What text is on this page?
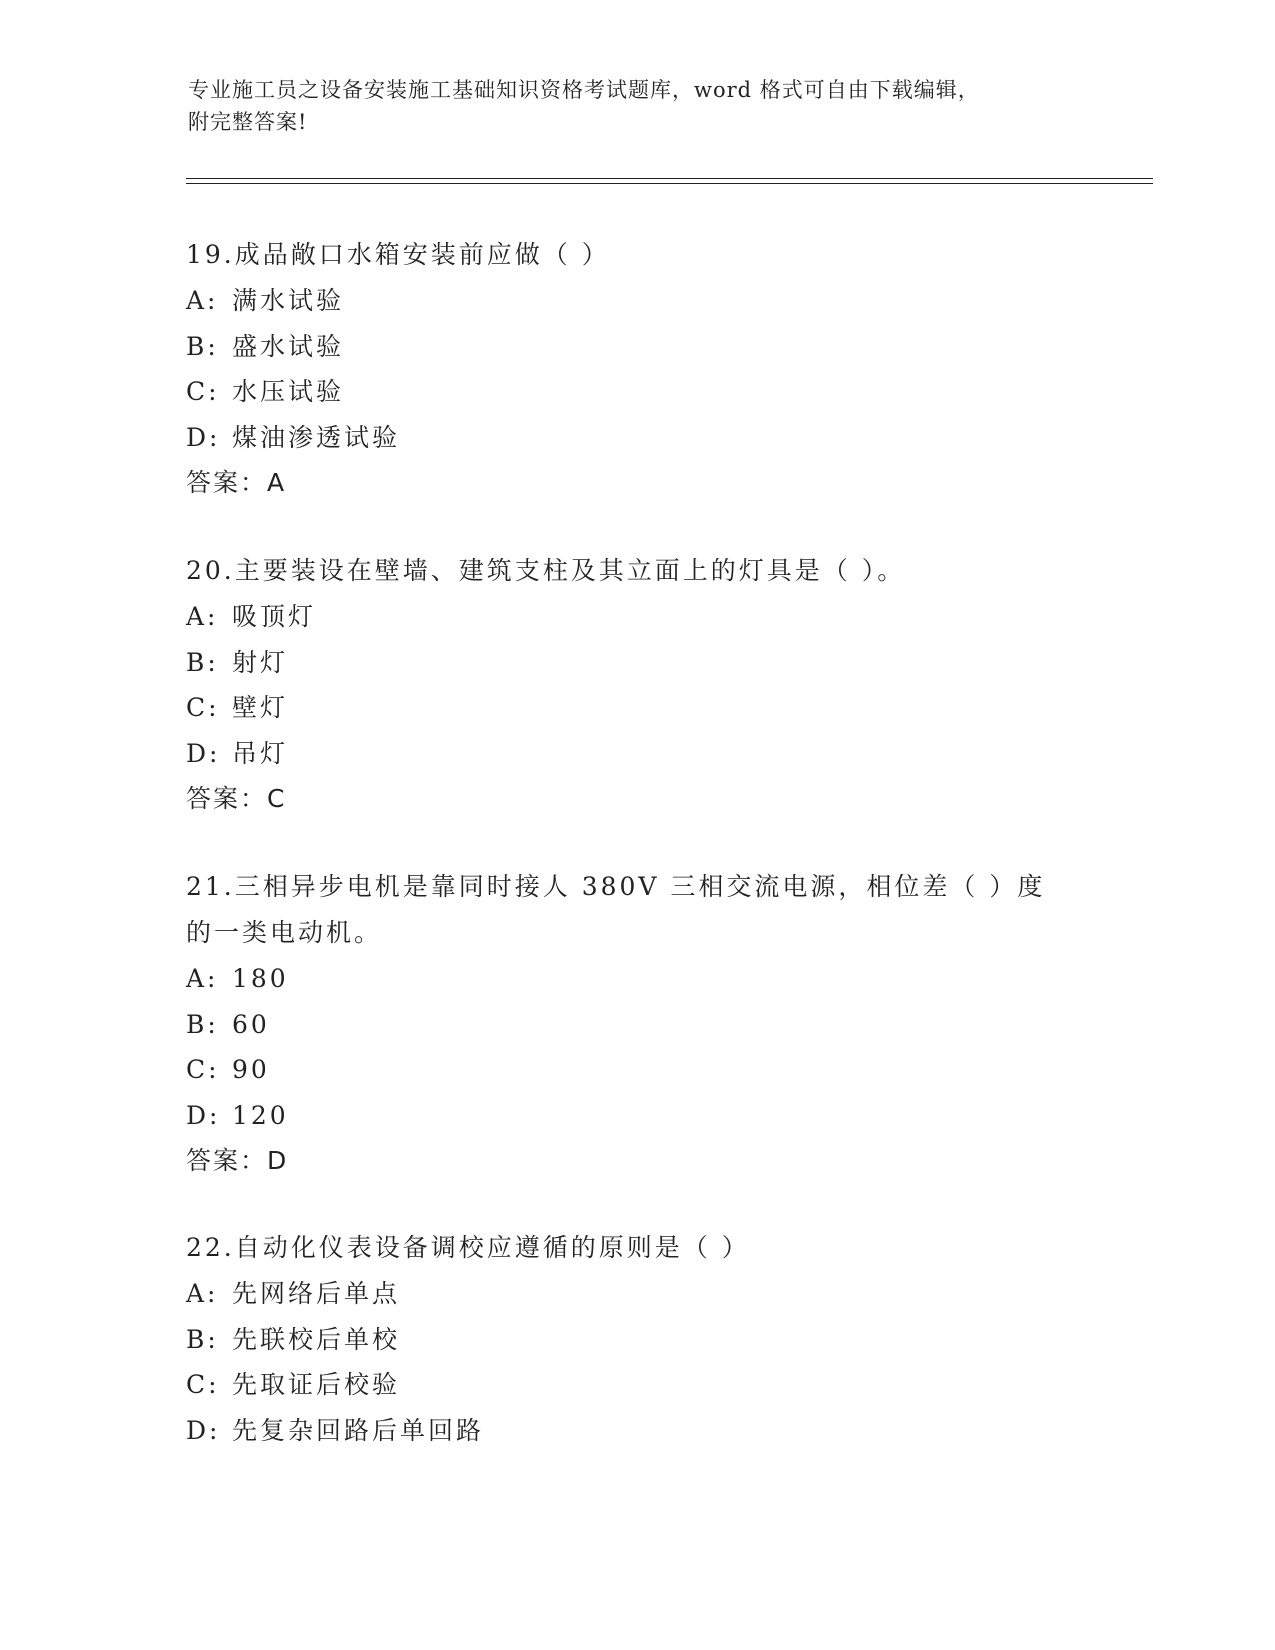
专业施工员之设备安装施工基础知识资格考试题库，word 格式可自由下载编辑，
附完整答案!
19.成品敞口水箱安装前应做（ ）
A: 满水试验
B: 盛水试验
C: 水压试验
D: 煤油渗透试验
答案：A
20.主要装设在壁墙、建筑支柱及其立面上的灯具是（ ）。
A: 吸顶灯
B: 射灯
C: 壁灯
D: 吊灯
答案：C
21.三相异步电机是靠同时接人 380V 三相交流电源，相位差（ ）度的一类电动机。
A: 180
B: 60
C: 90
D: 120
答案：D
22.自动化仪表设备调校应遵循的原则是（ ）
A: 先网络后单点
B: 先联校后单校
C: 先取证后校验
D: 先复杂回路后单回路
